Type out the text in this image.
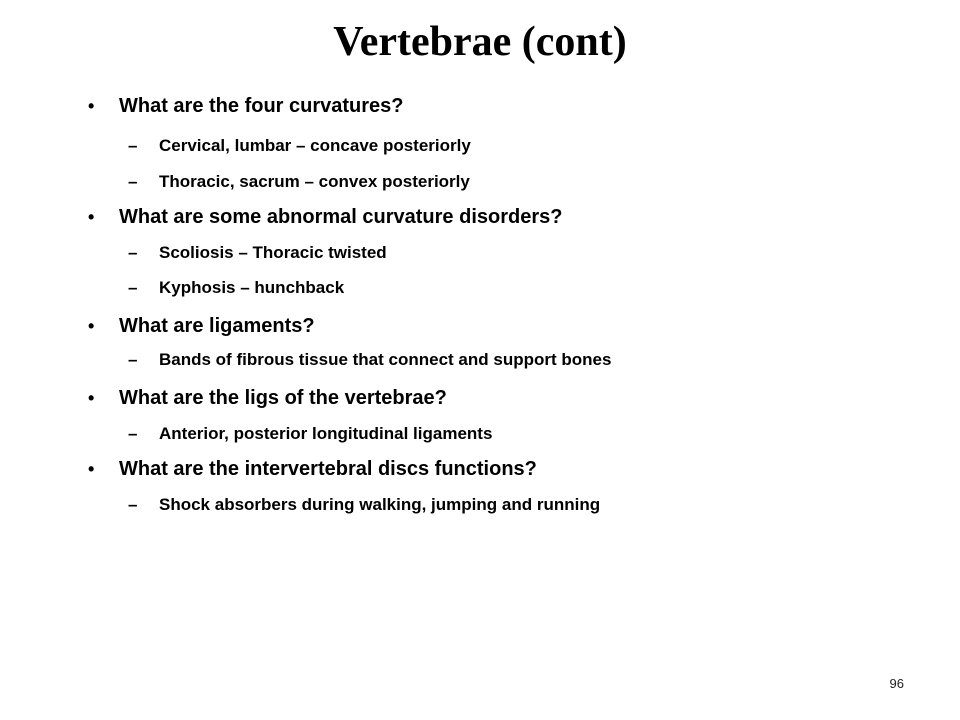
Vertebrae (cont)
• What are the four curvatures?
– Cervical, lumbar – concave posteriorly
– Thoracic, sacrum – convex posteriorly
• What are some abnormal curvature disorders?
– Scoliosis – Thoracic twisted
– Kyphosis – hunchback
• What are ligaments?
– Bands of fibrous tissue that connect and support bones
• What are the ligs of the vertebrae?
– Anterior, posterior longitudinal ligaments
• What are the intervertebral discs functions?
– Shock absorbers during walking, jumping and running
96
